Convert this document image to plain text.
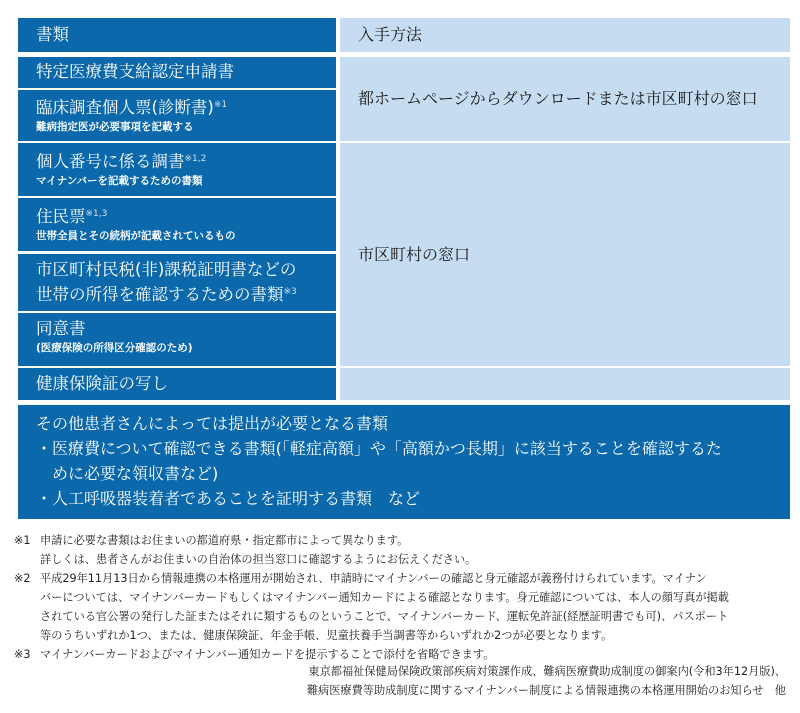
書類	入手方法
特定医療費支給認定申請書
臨床調査個人票(診断書)$^{※1}$
難病指定医が必要事項を記載する
個人番号に係る調書$^{※1,2}$
マイナンバーを記載するための書類
住民票$^{※1,3}$
世帯全員とその続柄が記載されているもの
市区町村民税(非)課税証明書などの
世帯の所得を確認するための書類$^{※3}$
同意書
(医療保険の所得区分確認のため)
健康保険証の写し
都ホームページからダウンロードまたは市区町村の窓口
市区町村の窓口
その他患者さんによっては提出が必要となる書類
・医療費について確認できる書類(「軽症高額」や「高額かつ長期」に該当することを確認するた
　めに必要な領収書など)
・人工呼吸器装着者であることを証明する書類　など
※1 申請に必要な書類はお住まいの都道府県・指定都市によって異なります。
詳しくは、患者さんがお住まいの自治体の担当窓口に確認するようにお伝えください。
※2 平成29年11月13日から情報連携の本格運用が開始され、申請時にマイナンバーの確認と身元確認が義務付けられています。マイナン
バーについては、マイナンバーカードもしくはマイナンバー通知カードによる確認となります。身元確認については、本人の顔写真が掲載
されている官公署の発行した証またはそれに類するものということで、マイナンバーカード、運転免許証(経歴証明書でも可)、パスポート
等のうちいずれか1つ、または、健康保険証、年金手帳、児童扶養手当調書等からいずれか2つが必要となります。
※3 マイナンバーカードおよびマイナンバー通知カードを提示することで添付を省略できます。
東京都福祉保健局保険政策部疾病対策課作成、難病医療費助成制度の御案内(令和3年12月版)、
難病医療費等助成制度に関するマイナンバー制度による情報連携の本格運用開始のお知らせ　他
